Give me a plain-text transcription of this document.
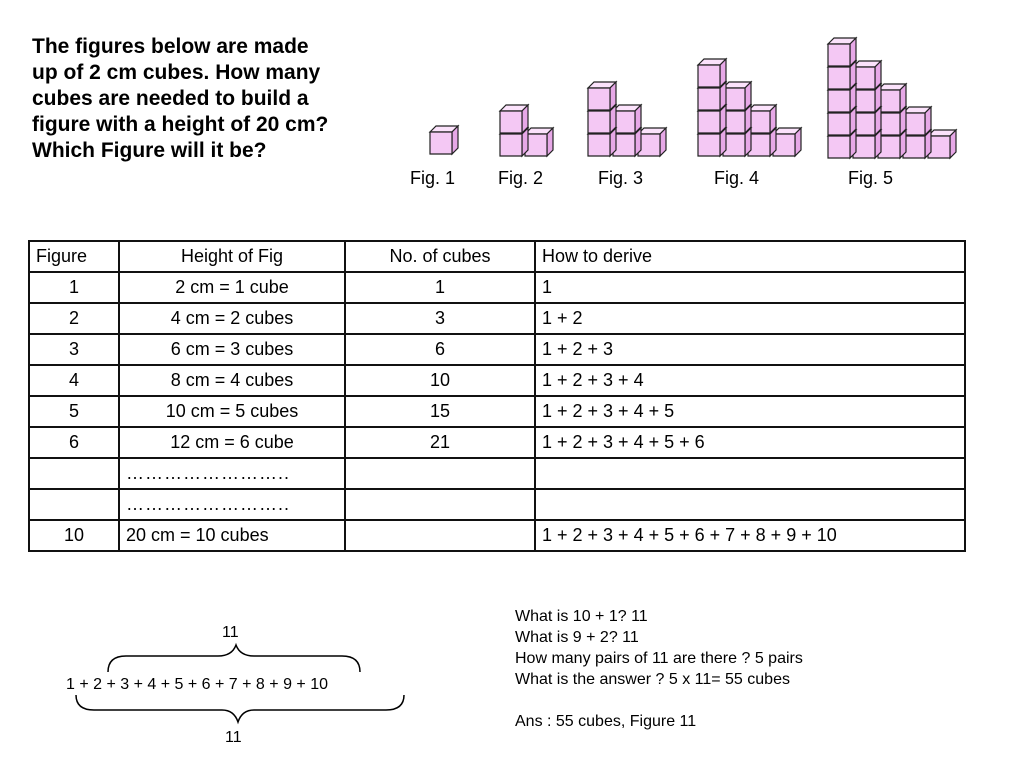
The figures below are made
up of 2 cm cubes. How many
cubes are needed to build a
figure with a height of 20 cm?
Which Figure will it be?
Fig. 1 Fig. 2	Fig. 3	Fig. 4	Fig. 5
Figure	Height of Fig	No. of cubes	How to derive
1	2 cm = 1 cube	1	1
2	4 cm = 2 cubes	3	1 + 2
3	6 cm = 3 cubes	6	1 + 2 + 3
4	8 cm = 4 cubes	10	1 + 2 + 3 + 4
5	10 cm = 5 cubes	15	1 + 2 + 3 + 4 + 5
6	12 cm = 6 cube	21	1 + 2 + 3 + 4 + 5 + 6
	……………………..		
	……………………..		
10	20 cm = 10 cubes		1 + 2 + 3 + 4 + 5 + 6 + 7 + 8 + 9 + 10
11
1 + 2 + 3 + 4 + 5 + 6 + 7 + 8 + 9 + 10
11
What is 10 + 1? 11
What is 9 + 2? 11
How many pairs of 11 are there ? 5 pairs
What is the answer ? 5 x 11= 55 cubes
Ans : 55 cubes, Figure 11
